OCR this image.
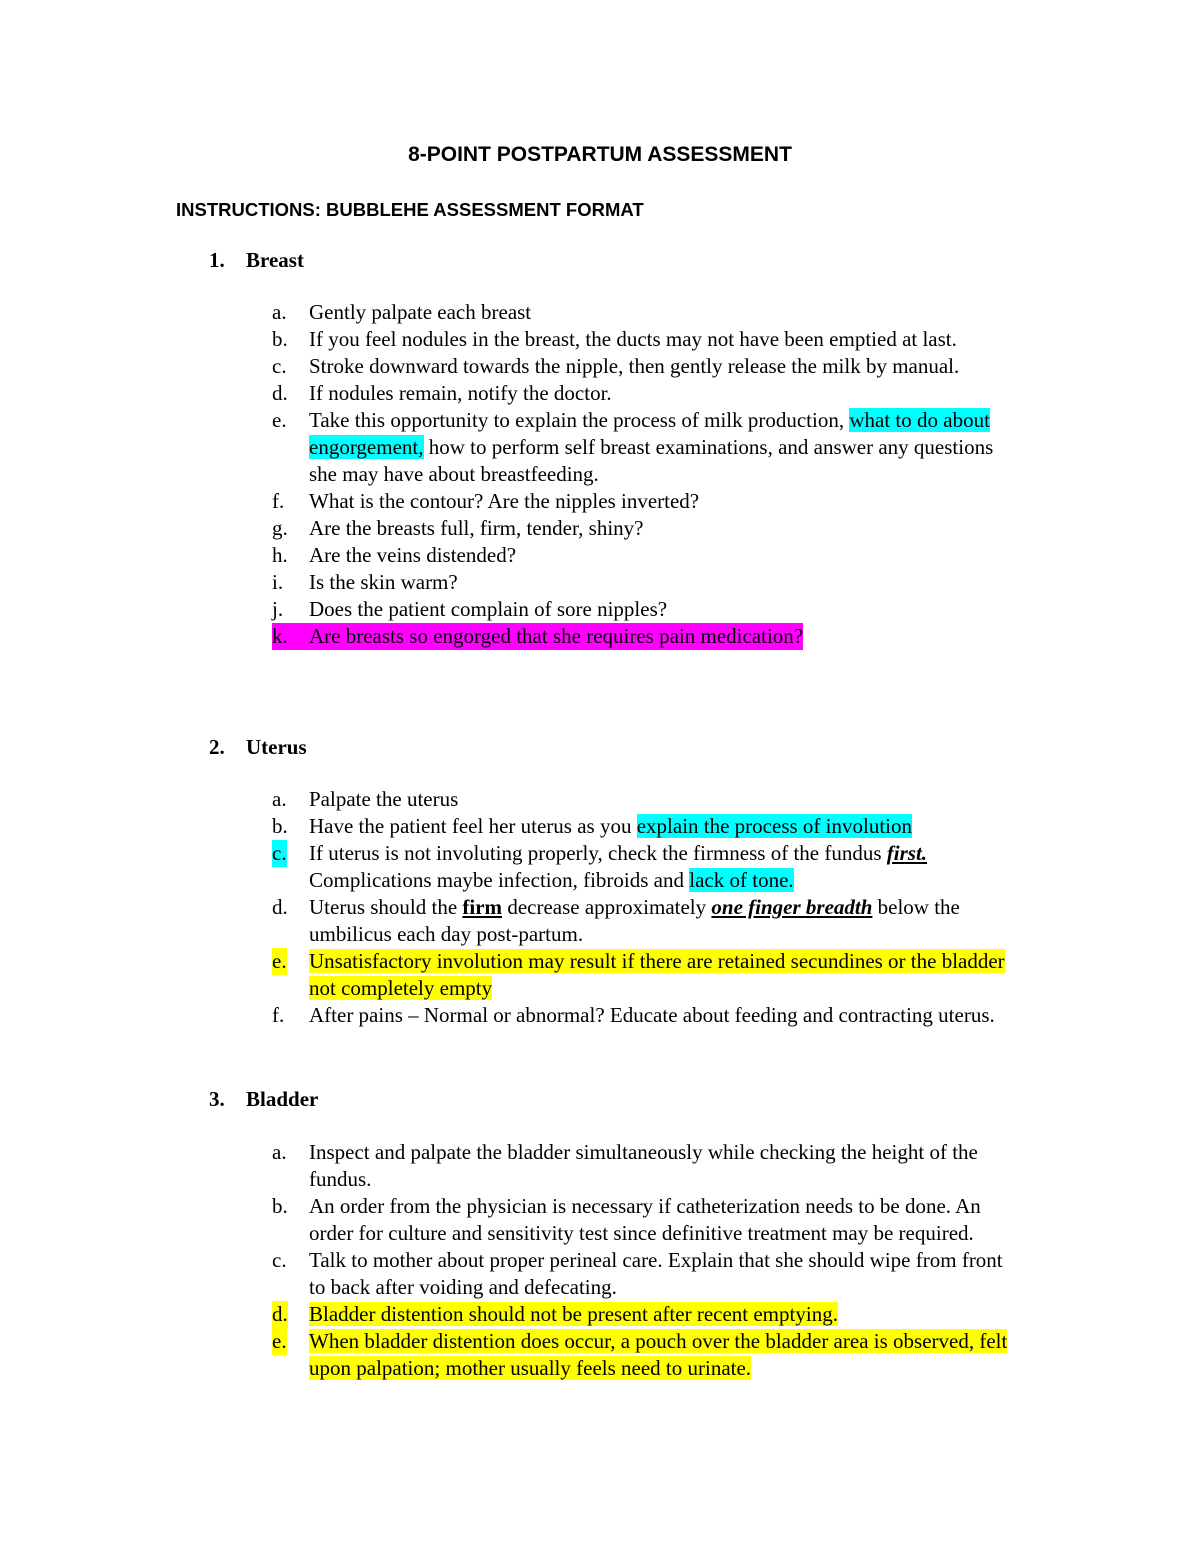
8-POINT POSTPARTUM ASSESSMENT
INSTRUCTIONS: BUBBLEHE ASSESSMENT FORMAT
1. Breast
a. Gently palpate each breast
b. If you feel nodules in the breast, the ducts may not have been emptied at last.
c. Stroke downward towards the nipple, then gently release the milk by manual.
d. If nodules remain, notify the doctor.
e. Take this opportunity to explain the process of milk production, what to do about engorgement, how to perform self breast examinations, and answer any questions she may have about breastfeeding.
f. What is the contour? Are the nipples inverted?
g. Are the breasts full, firm, tender, shiny?
h. Are the veins distended?
i. Is the skin warm?
j. Does the patient complain of sore nipples?
k. Are breasts so engorged that she requires pain medication?
2. Uterus
a. Palpate the uterus
b. Have the patient feel her uterus as you explain the process of involution
c. If uterus is not involuting properly, check the firmness of the fundus first. Complications maybe infection, fibroids and lack of tone.
d. Uterus should the firm decrease approximately one finger breadth below the umbilicus each day post-partum.
e. Unsatisfactory involution may result if there are retained secundines or the bladder not completely empty
f. After pains – Normal or abnormal? Educate about feeding and contracting uterus.
3. Bladder
a. Inspect and palpate the bladder simultaneously while checking the height of the fundus.
b. An order from the physician is necessary if catheterization needs to be done. An order for culture and sensitivity test since definitive treatment may be required.
c. Talk to mother about proper perineal care. Explain that she should wipe from front to back after voiding and defecating.
d. Bladder distention should not be present after recent emptying.
e. When bladder distention does occur, a pouch over the bladder area is observed, felt upon palpation; mother usually feels need to urinate.
